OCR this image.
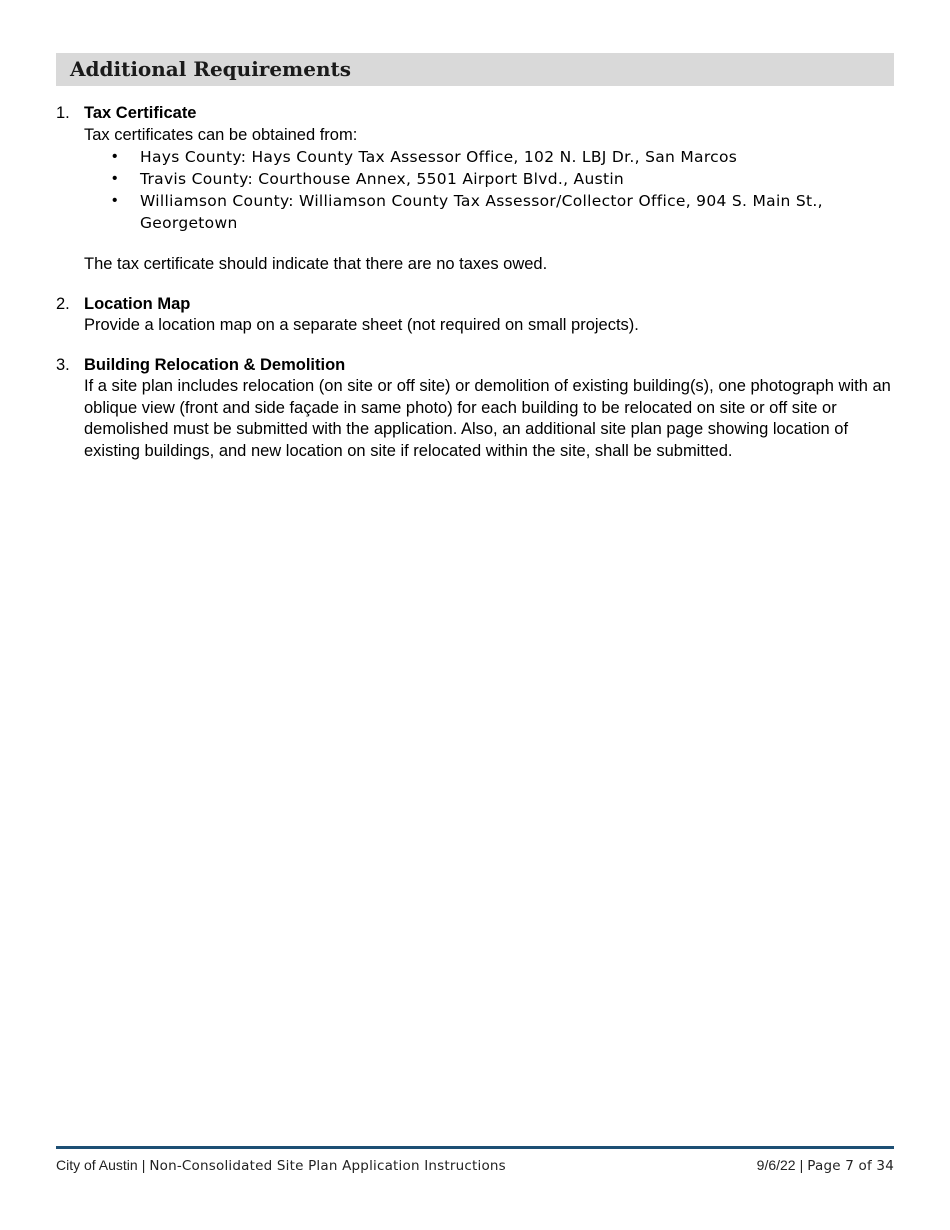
Additional Requirements
1. Tax Certificate
Tax certificates can be obtained from:
• Hays County: Hays County Tax Assessor Office, 102 N. LBJ Dr., San Marcos
• Travis County: Courthouse Annex, 5501 Airport Blvd., Austin
• Williamson County: Williamson County Tax Assessor/Collector Office, 904 S. Main St., Georgetown
The tax certificate should indicate that there are no taxes owed.
2. Location Map
Provide a location map on a separate sheet (not required on small projects).
3. Building Relocation & Demolition
If a site plan includes relocation (on site or off site) or demolition of existing building(s), one photograph with an oblique view (front and side façade in same photo) for each building to be relocated on site or off site or demolished must be submitted with the application. Also, an additional site plan page showing location of existing buildings, and new location on site if relocated within the site, shall be submitted.
City of Austin | Non-Consolidated Site Plan Application Instructions	9/6/22 | Page 7 of 34
